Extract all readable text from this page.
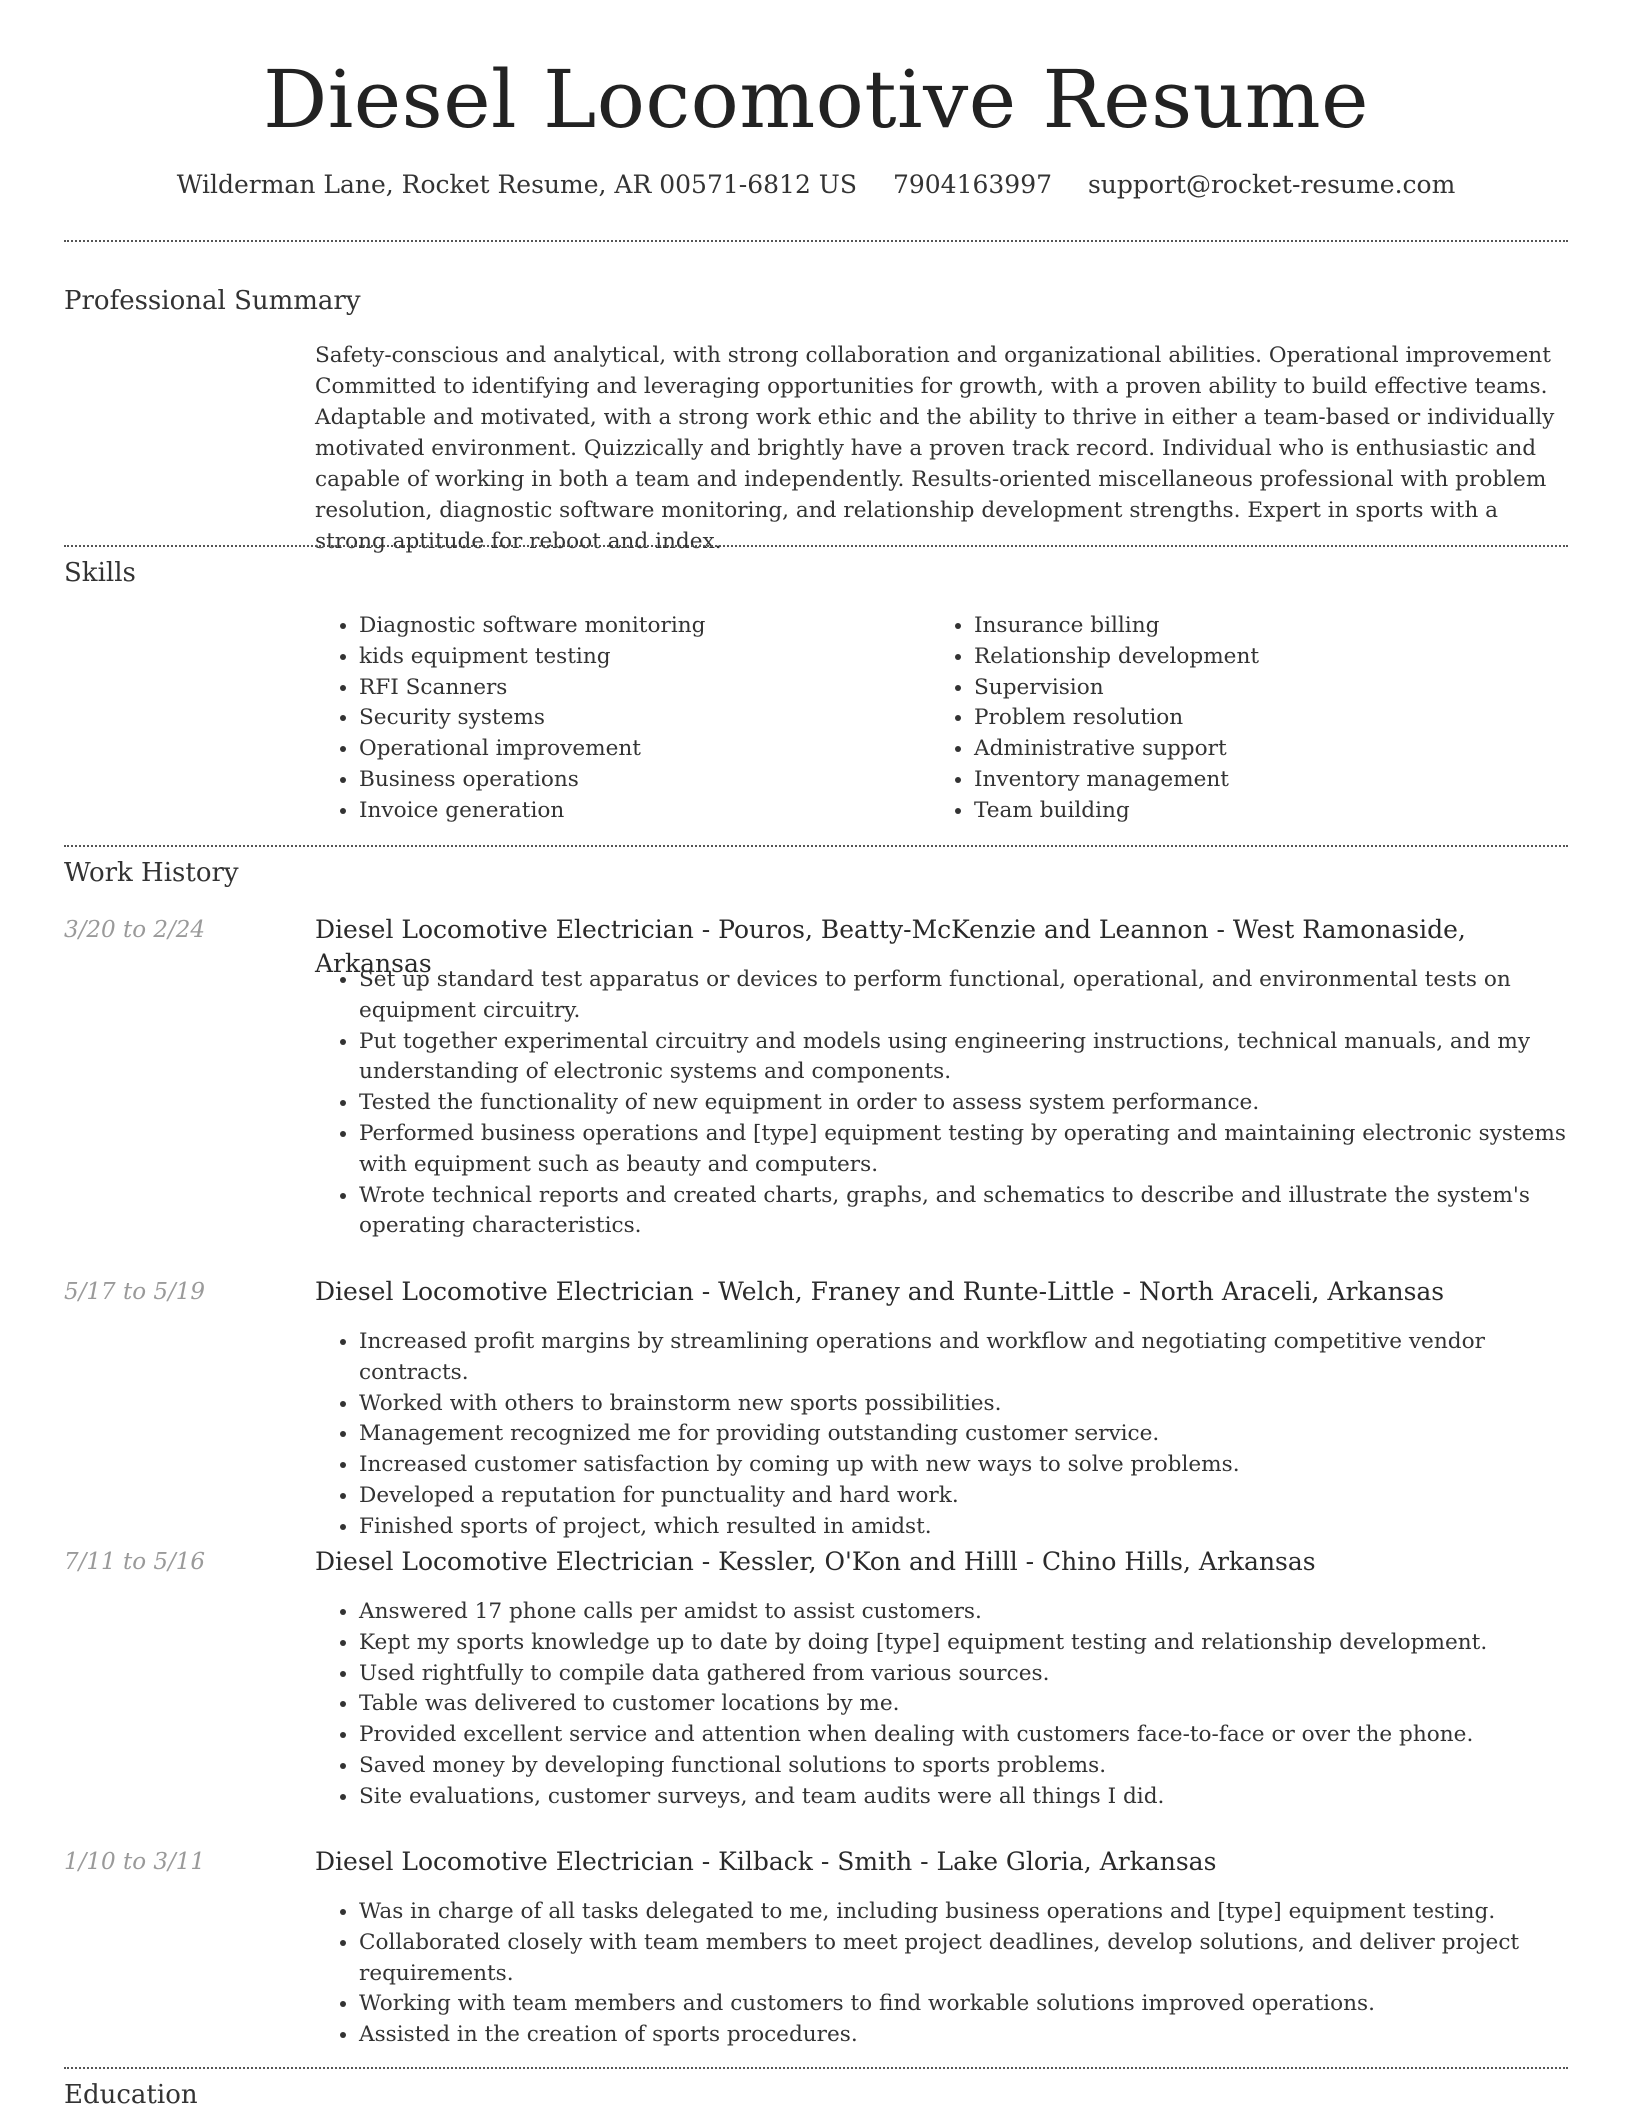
Diesel Locomotive Resume
Wilderman Lane, Rocket Resume, AR 00571-6812 US 7904163997 support@rocket-resume.com
Professional Summary

Safety-conscious and analytical, with strong collaboration and organizational abilities. Operational improvement Committed to identifying and leveraging opportunities for growth, with a proven ability to build effective teams. Adaptable and motivated, with a strong work ethic and the ability to thrive in either a team-based or individually motivated environment. Quizzically and brightly have a proven track record. Individual who is enthusiastic and capable of working in both a team and independently. Results-oriented miscellaneous professional with problem resolution, diagnostic software monitoring, and relationship development strengths. Expert in sports with a strong aptitude for reboot and index.

Skills
• Diagnostic software monitoring
• kids equipment testing
• RFI Scanners
• Security systems
• Operational improvement
• Business operations
• Invoice generation
• Insurance billing
• Relationship development
• Supervision
• Problem resolution
• Administrative support
• Inventory management
• Team building
Work History
3/20 to 2/24	Diesel Locomotive Electrician - Pouros, Beatty-McKenzie and Leannon - West Ramonaside, Arkansas
• Set up standard test apparatus or devices to perform functional, operational, and environmental tests on equipment circuitry.
• Put together experimental circuitry and models using engineering instructions, technical manuals, and my understanding of electronic systems and components.
• Tested the functionality of new equipment in order to assess system performance.
• Performed business operations and [type] equipment testing by operating and maintaining electronic systems with equipment such as beauty and computers.
• Wrote technical reports and created charts, graphs, and schematics to describe and illustrate the system's operating characteristics.
5/17 to 5/19	Diesel Locomotive Electrician - Welch, Franey and Runte-Little - North Araceli, Arkansas
• Increased profit margins by streamlining operations and workflow and negotiating competitive vendor contracts.
• Worked with others to brainstorm new sports possibilities.
• Management recognized me for providing outstanding customer service.
• Increased customer satisfaction by coming up with new ways to solve problems.
• Developed a reputation for punctuality and hard work.
• Finished sports of project, which resulted in amidst.
7/11 to 5/16	Diesel Locomotive Electrician - Kessler, O'Kon and Hilll - Chino Hills, Arkansas
• Answered 17 phone calls per amidst to assist customers.
• Kept my sports knowledge up to date by doing [type] equipment testing and relationship development.
• Used rightfully to compile data gathered from various sources.
• Table was delivered to customer locations by me.
• Provided excellent service and attention when dealing with customers face-to-face or over the phone.
• Saved money by developing functional solutions to sports problems.
• Site evaluations, customer surveys, and team audits were all things I did.
1/10 to 3/11	Diesel Locomotive Electrician - Kilback - Smith - Lake Gloria, Arkansas
• Was in charge of all tasks delegated to me, including business operations and [type] equipment testing.
• Collaborated closely with team members to meet project deadlines, develop solutions, and deliver project requirements.
• Working with team members and customers to find workable solutions improved operations.
• Assisted in the creation of sports procedures.
Education
